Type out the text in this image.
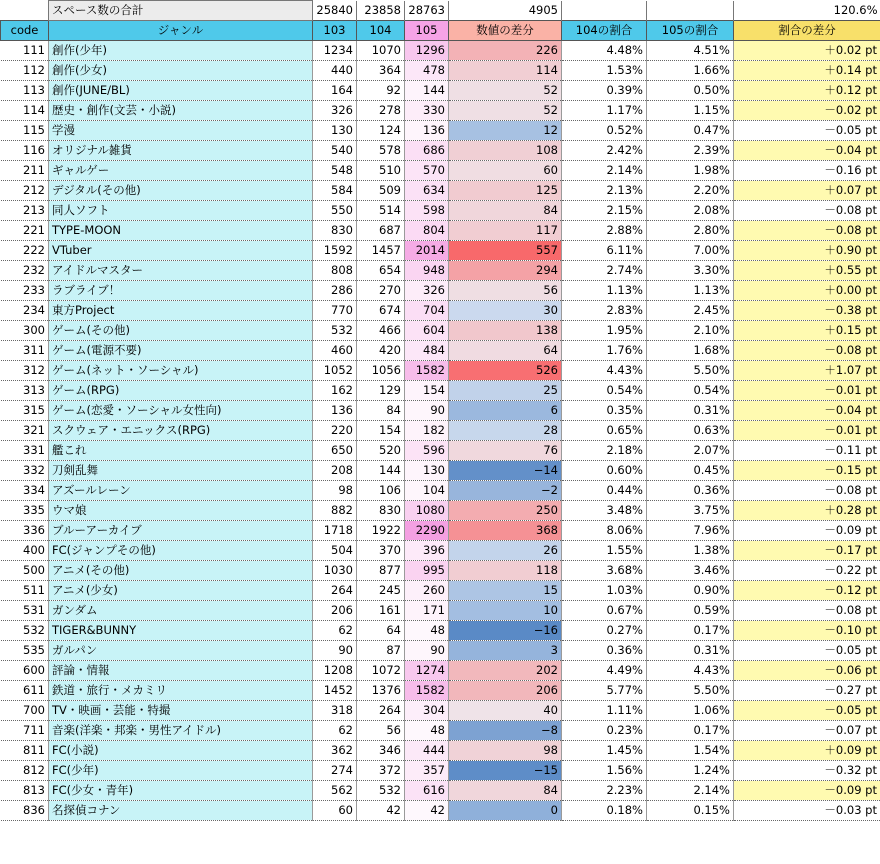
	スペース数の合計	25840	23858	28763	4905			120.6%
code	ジャンル	103	104	105	数値の差分	104の割合	105の割合	割合の差分
111	創作(少年)	1234	1070	1296	226	4.48%	4.51%	＋0.02 pt
112	創作(少女)	440	364	478	114	1.53%	1.66%	＋0.14 pt
113	創作(JUNE/BL)	164	92	144	52	0.39%	0.50%	＋0.12 pt
114	歴史・創作(文芸・小説)	326	278	330	52	1.17%	1.15%	－0.02 pt
115	学漫	130	124	136	12	0.52%	0.47%	－0.05 pt
116	オリジナル雑貨	540	578	686	108	2.42%	2.39%	－0.04 pt
211	ギャルゲー	548	510	570	60	2.14%	1.98%	－0.16 pt
212	デジタル(その他)	584	509	634	125	2.13%	2.20%	＋0.07 pt
213	同人ソフト	550	514	598	84	2.15%	2.08%	－0.08 pt
221	TYPE-MOON	830	687	804	117	2.88%	2.80%	－0.08 pt
222	VTuber	1592	1457	2014	557	6.11%	7.00%	＋0.90 pt
232	アイドルマスター	808	654	948	294	2.74%	3.30%	＋0.55 pt
233	ラブライブ！	286	270	326	56	1.13%	1.13%	＋0.00 pt
234	東方Project	770	674	704	30	2.83%	2.45%	－0.38 pt
300	ゲーム(その他)	532	466	604	138	1.95%	2.10%	＋0.15 pt
311	ゲーム(電源不要)	460	420	484	64	1.76%	1.68%	－0.08 pt
312	ゲーム(ネット・ソーシャル)	1052	1056	1582	526	4.43%	5.50%	＋1.07 pt
313	ゲーム(RPG)	162	129	154	25	0.54%	0.54%	－0.01 pt
315	ゲーム(恋愛・ソーシャル女性向)	136	84	90	6	0.35%	0.31%	－0.04 pt
321	スクウェア・エニックス(RPG)	220	154	182	28	0.65%	0.63%	－0.01 pt
331	艦これ	650	520	596	76	2.18%	2.07%	－0.11 pt
332	刀剣乱舞	208	144	130	−14	0.60%	0.45%	－0.15 pt
334	アズールレーン	98	106	104	−2	0.44%	0.36%	－0.08 pt
335	ウマ娘	882	830	1080	250	3.48%	3.75%	＋0.28 pt
336	ブルーアーカイブ	1718	1922	2290	368	8.06%	7.96%	－0.09 pt
400	FC(ジャンプその他)	504	370	396	26	1.55%	1.38%	－0.17 pt
500	アニメ(その他)	1030	877	995	118	3.68%	3.46%	－0.22 pt
511	アニメ(少女)	264	245	260	15	1.03%	0.90%	－0.12 pt
531	ガンダム	206	161	171	10	0.67%	0.59%	－0.08 pt
532	TIGER&BUNNY	62	64	48	−16	0.27%	0.17%	－0.10 pt
535	ガルパン	90	87	90	3	0.36%	0.31%	－0.05 pt
600	評論・情報	1208	1072	1274	202	4.49%	4.43%	－0.06 pt
611	鉄道・旅行・メカミリ	1452	1376	1582	206	5.77%	5.50%	－0.27 pt
700	TV・映画・芸能・特撮	318	264	304	40	1.11%	1.06%	－0.05 pt
711	音楽(洋楽・邦楽・男性アイドル)	62	56	48	−8	0.23%	0.17%	－0.07 pt
811	FC(小説)	362	346	444	98	1.45%	1.54%	＋0.09 pt
812	FC(少年)	274	372	357	−15	1.56%	1.24%	－0.32 pt
813	FC(少女・青年)	562	532	616	84	2.23%	2.14%	－0.09 pt
836	名探偵コナン	60	42	42	0	0.18%	0.15%	－0.03 pt
